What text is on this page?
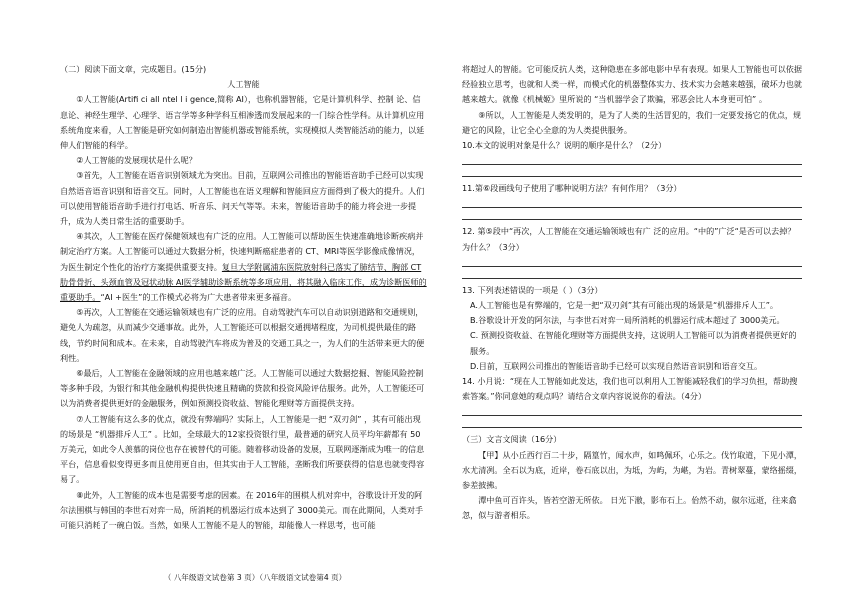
（二）阅读下面文章，完成题目。(15分)

人工智能

①人工智能(Artifi ci all ntel l i gence,简称 AI），也称机器智能，它是计算机科学、控制 论、信息论、神经生理学、心理学、语言学等多种学科互相渗透而发展起来的一门综合性学科。从计算机应用系统角度来看，人工智能是研究如何制造出智能机器或智能系统，实现模拟人类智能活动的能力，以延伸人们智能的科学。

②人工智能的发展现状是什么呢？

③首先，人工智能在语音识别领域尤为突出。目前，互联网公司推出的智能语音助手已经可以实现自然语音语音识别和语音交互。同时，人工智能也在语义理解和智能回应方面得到了极大的提升。人们可以使用智能语音助手进行打电话、听音乐、问天气等等。未来，智能语音助手的能力将会进一步提升，成为人类日常生活的重要助手。

④其次，人工智能在医疗保健领域也有广泛的应用。人工智能可以帮助医生快速准确地诊断疾病并制定治疗方案。人工智能可以通过大数据分析，快速判断癌症患者的 CT、MRI等医学影像成像情况，为医生制定个性化的治疗方案提供重要支持。复旦大学附属浦东医院放射科已落实了肺结节、胸部 CT肋骨骨折、头颈血管及冠状动脉 AI医学辅助诊断系统等多项应用，将其融入临床工作，成为诊断医师的重要助手。“AI +医生”的工作模式必将为广大患者带来更多福音。

⑤再次，人工智能在交通运输领域也有广泛的应用。自动驾驶汽车可以自动识别道路和交通规则，避免人为疏忽，从而减少交通事故。此外，人工智能还可以根据交通拥堵程度，为司机提供最佳的路线，节约时间和成本。在未来，自动驾驶汽车将成为普及的交通工具之一，为人们的生活带来更大的便利性。

⑥最后，人工智能在金融领域的应用也越来越广泛。人工智能可以通过大数据挖掘、智能风险控制等多种手段，为银行和其他金融机构提供快速且精确的贷款和投资风险评估服务。此外，人工智能还可以为消费者提供更好的金融服务，例如预测投资收益、智能化理财等方面提供支持。

⑦人工智能有这么多的优点，就没有弊端吗？实际上，人工智能是一把 “双刃剑” ，其有可能出现的场景是 “机器排斥人工” 。比如，全球最大的12家投资银行里，最普通的研究人员平均年薪都有 50万美元，如此令人羡慕的岗位也存在被替代的可能。随着移动设备的发展，互联网逐渐成为唯一的信息平台，信息看似变得更多而且使用更自由，但其实由于人工智能，垄断我们所要获得的信息也就变得容易了。

⑧此外，人工智能的成本也是需要考虑的因素。在 2016年的围棋人机对弈中，谷歌设计开发的阿尔法围棋与韩国的李世石对弈一局，所消耗的机器运行成本达到了 3000美元。而在此期间，人类对手可能只消耗了一碗白饭。当然，如果人工智能不是人的智能，却能像人一样思考，也可能

将超过人的智能。它可能反抗人类，这种隐患在多部电影中早有表现。如果人工智能也可以依据经验独立思考，也就和人类一样，而模式化的机器整体实力、技术实力会越来越强，破坏力也就越来越大。就像《机械姬》里所说的 “当机器学会了欺骗，邪恶会比人本身更可怕” 。

⑨所以，人工智能是人类发明的，是为了人类的生活冒犯的，我们一定要发扬它的优点，规避它的风险，让它全心全意的为人类提供服务。

10.本文的说明对象是什么？说明的顺序是什么？（2分）

11.第⑥段画线句子使用了哪种说明方法？有何作用？（3分）

12. 第⑤段中“再次，人工智能在交通运输领域也有广 泛的应用。“中的”广泛“是否可以去掉？为什么？（3分）

13. 下列表述错误的一项是（ ）（3分）

A.人工智能也是有弊端的，它是一把“双刃剑”其有可能出现的场景是“机器排斥人工”。

B.谷歌设计开发的阿尔法，与李世石对弈一局所消耗的机器运行成本超过了 3000美元。

C. 预测投资收益、在智能化理财等方面提供支持，这说明人工智能可以为消费者提供更好的服务。

D.目前，互联网公司推出的智能语音助手已经可以实现自然语音识别和语音交互。

14. 小月说：“现在人工智能如此发达，我们也可以利用人工智能减轻我们的学习负担，帮助搜索答案。”你同意她的观点吗？请结合文章内容说说你的看法。（4分）

（三）文言文阅读（16分）

【甲】从小丘西行百二十步，隔篁竹，闻水声，如鸣佩环，心乐之。伐竹取道，下见小潭，水尤清冽。全石以为底，近岸，卷石底以出，为坻，为屿，为嵁，为岩。青树翠蔓，蒙络摇缀，参差披拂。

潭中鱼可百许头，皆若空游无所依。 日光下澈，影布石上。佁然不动，俶尔远逝，往来翕忽，似与游者相乐。

（ 八年级语文试卷第 3 页）（八年级语文试卷第4 页）
